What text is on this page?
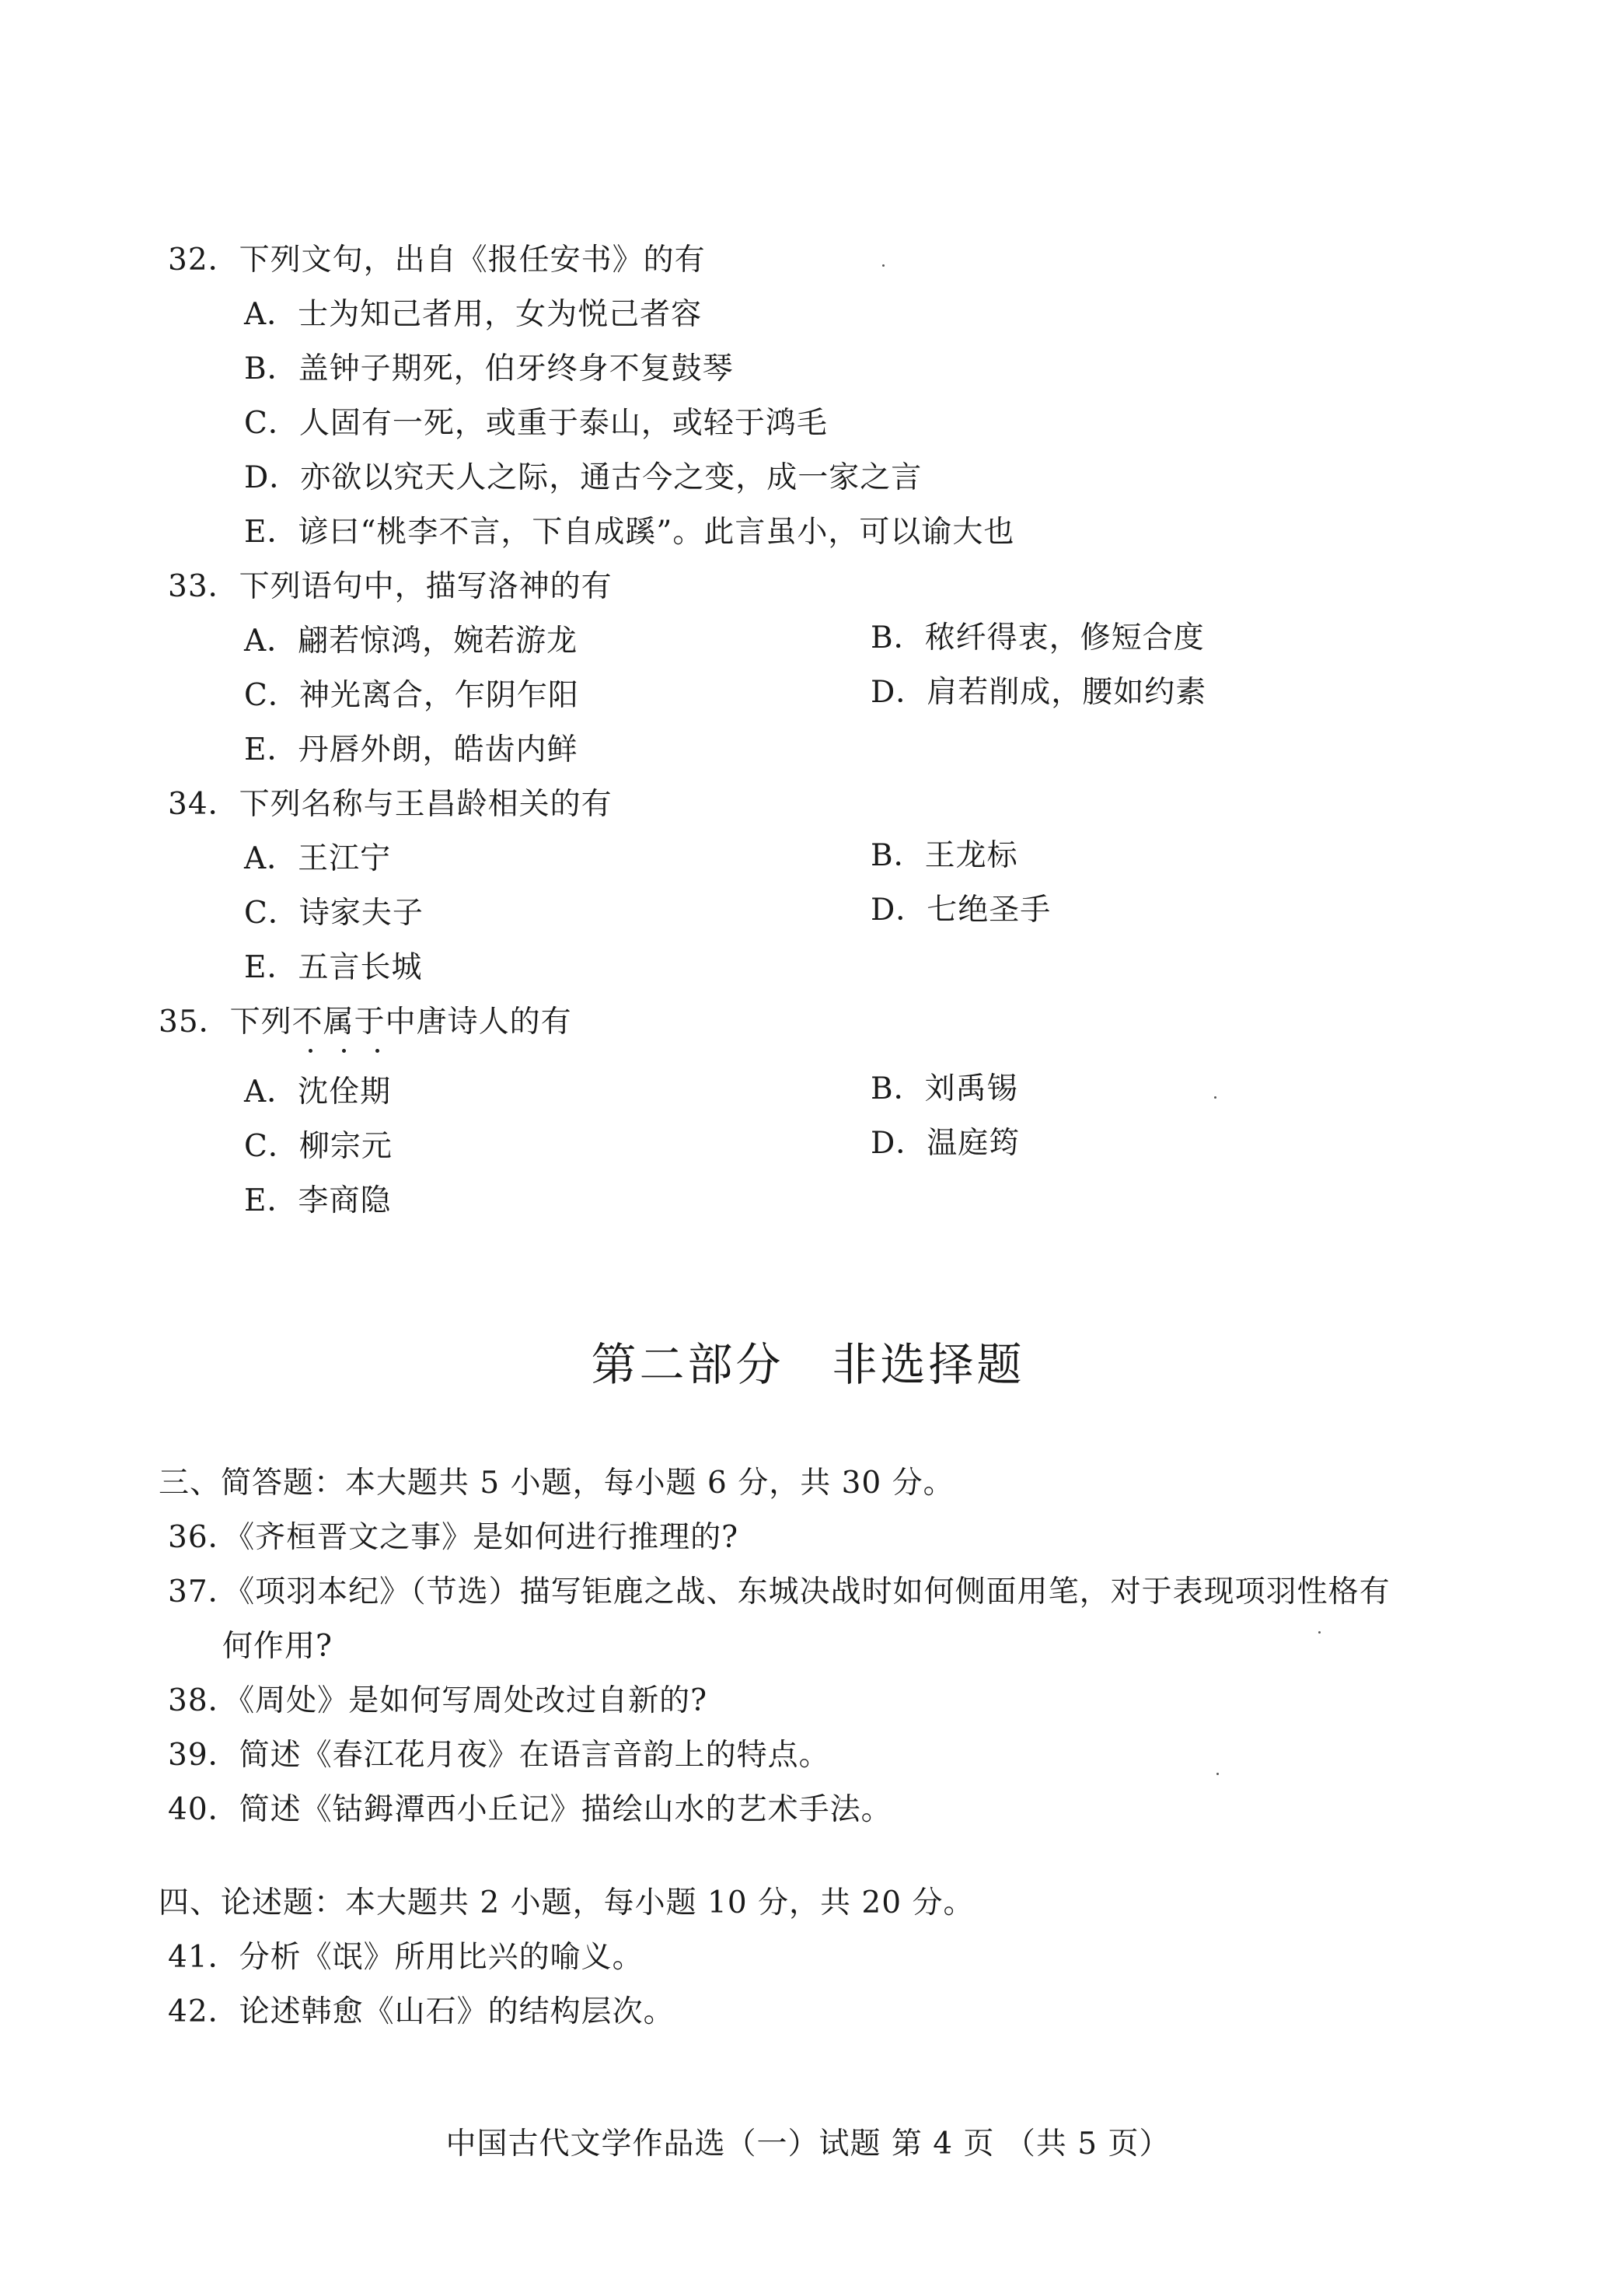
32．下列文句，出自《报任安书》的有
A．士为知己者用，女为悦己者容
B．盖钟子期死，伯牙终身不复鼓琴
C．人固有一死，或重于泰山，或轻于鸿毛
D．亦欲以究天人之际，通古今之变，成一家之言
E．谚曰“桃李不言，下自成蹊”。此言虽小，可以谕大也
33．下列语句中，描写洛神的有
A．翩若惊鸿，婉若游龙	B．秾纤得衷，修短合度
C．神光离合，乍阴乍阳	D．肩若削成，腰如约素
E．丹唇外朗，皓齿内鲜
34．下列名称与王昌龄相关的有
A．王江宁	B．王龙标
C．诗家夫子	D．七绝圣手
E．五言长城
35．下列不属于中唐诗人的有
A．沈佺期	B．刘禹锡
C．柳宗元	D．温庭筠
E．李商隐
第二部分　非选择题
三、简答题：本大题共 5 小题，每小题 6 分，共 30 分。
36．《齐桓晋文之事》是如何进行推理的?
37．《项羽本纪》（节选）描写钜鹿之战、东城决战时如何侧面用笔，对于表现项羽性格有
何作用?
38．《周处》是如何写周处改过自新的?
39．简述《春江花月夜》在语言音韵上的特点。
40．简述《钴鉧潭西小丘记》描绘山水的艺术手法。
四、论述题：本大题共 2 小题，每小题 10 分，共 20 分。
41．分析《氓》所用比兴的喻义。
42．论述韩愈《山石》的结构层次。
中国古代文学作品选（一）试题 第 4 页 （共 5 页）
